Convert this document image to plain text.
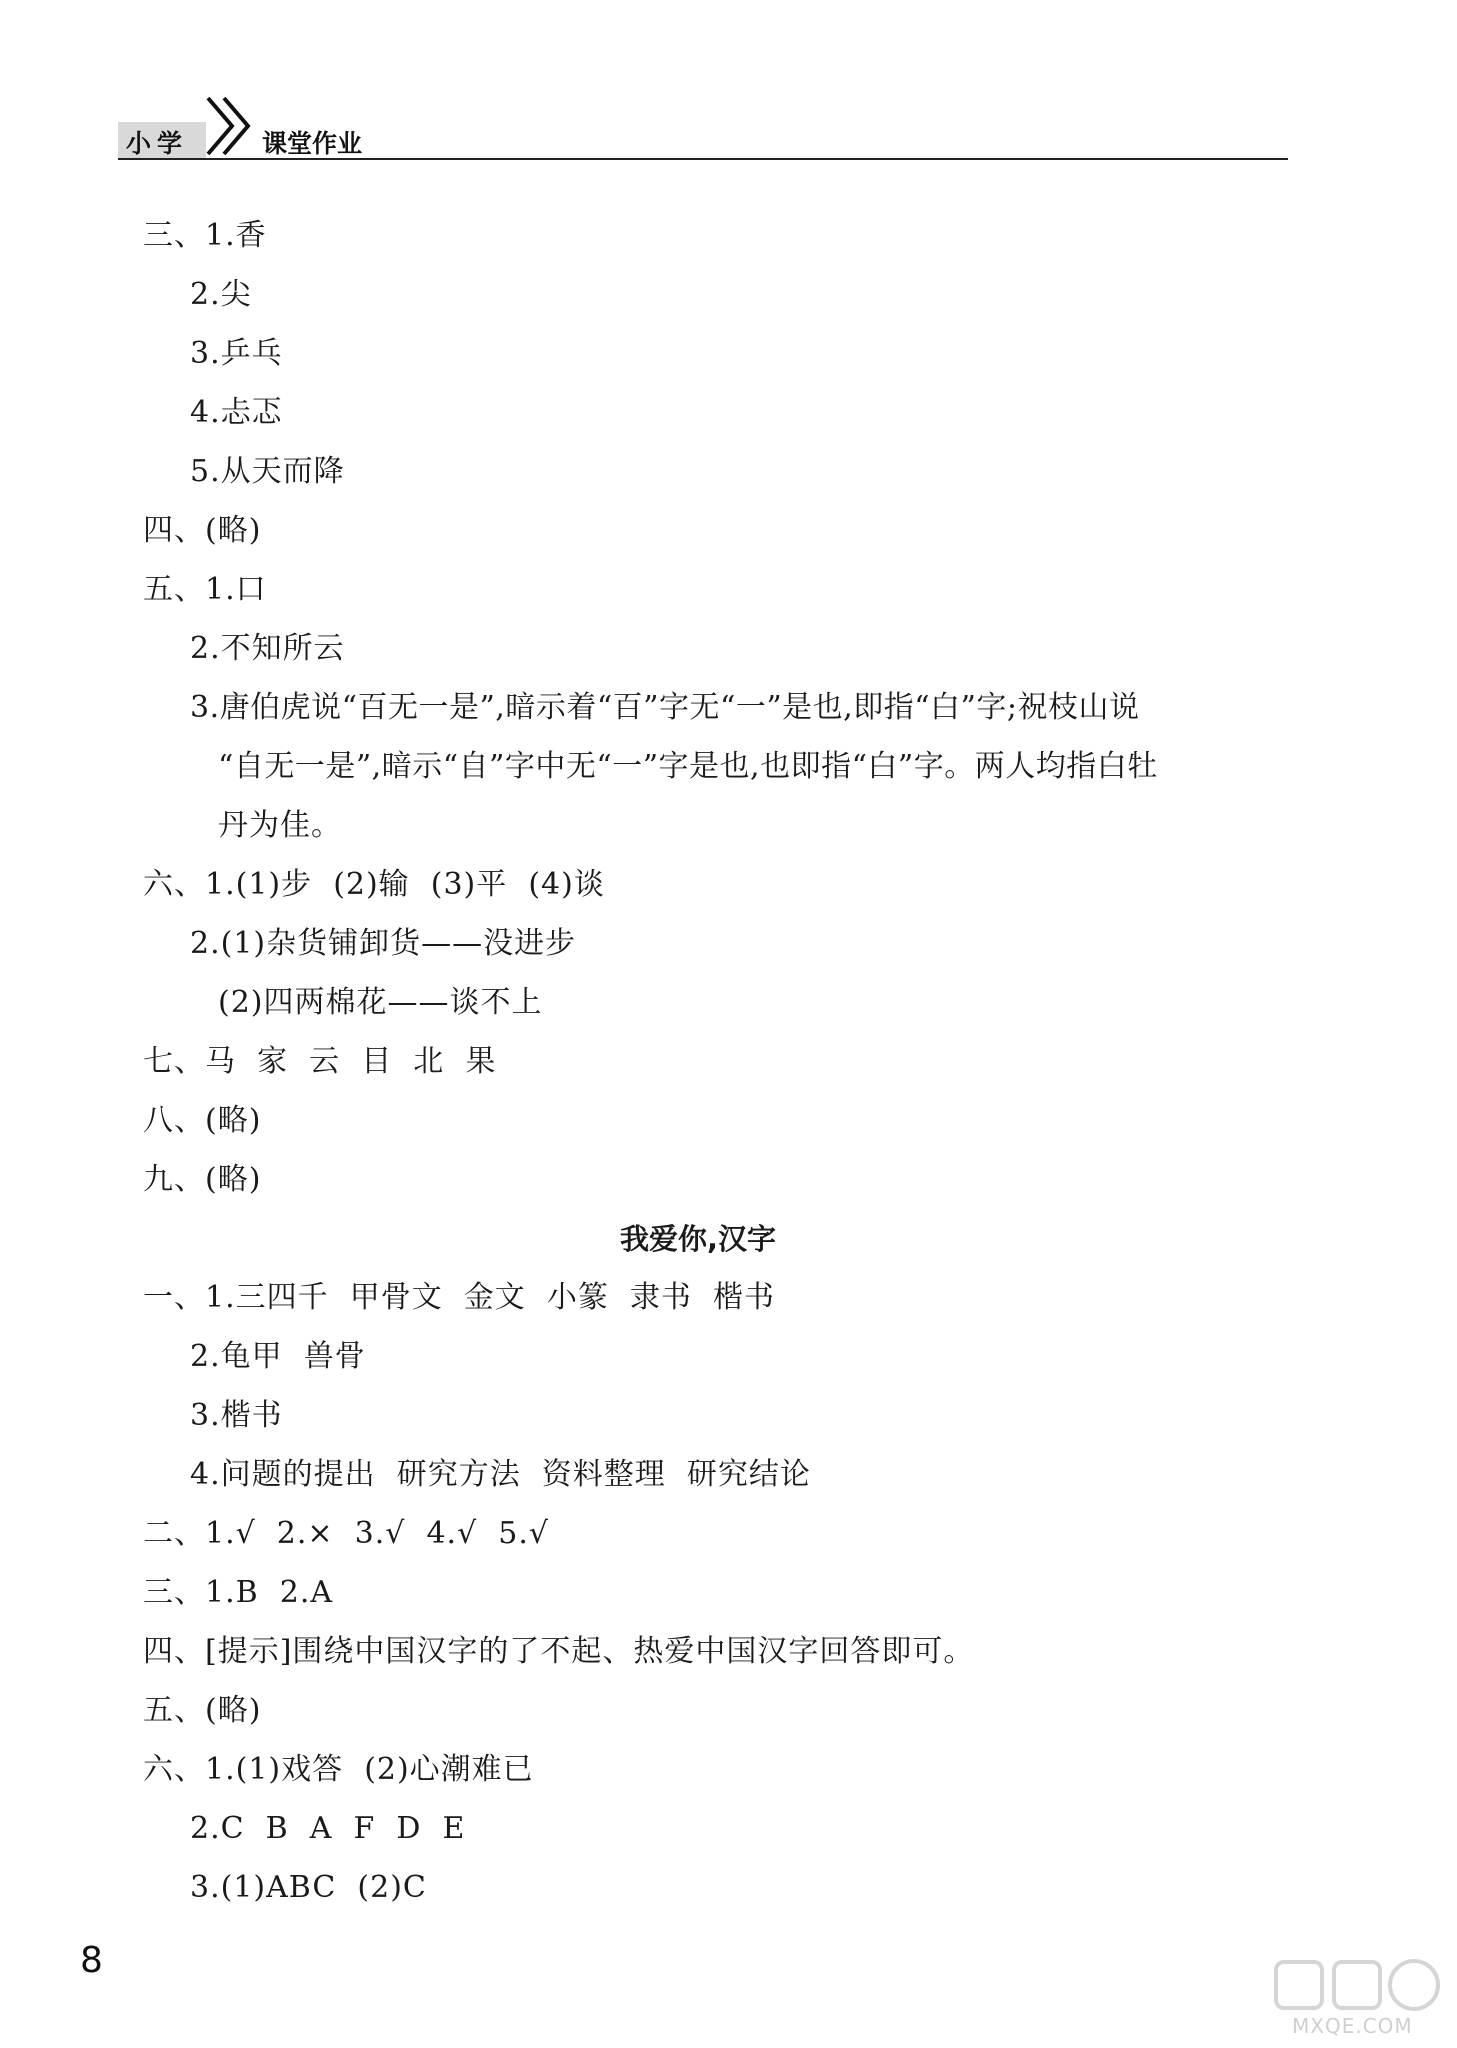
小学	课堂作业
三、1.香
2.尖
3.乒乓
4.忐忑
5.从天而降
四、(略)
五、1.口
2.不知所云
3.唐伯虎说“百无一是”,暗示着“百”字无“一”是也,即指“白”字;祝枝山说
“自无一是”,暗示“自”字中无“一”字是也,也即指“白”字。两人均指白牡
丹为佳。
六、1.(1)步  (2)输  (3)平  (4)谈
2.(1)杂货铺卸货——没进步
(2)四两棉花——谈不上
七、马  家  云  目  北  果
八、(略)
九、(略)
我爱你,汉字
一、1.三四千  甲骨文  金文  小篆  隶书  楷书
2.龟甲  兽骨
3.楷书
4.问题的提出  研究方法  资料整理  研究结论
二、1.√  2.×  3.√  4.√  5.√
三、1.B  2.A
四、[提示]围绕中国汉字的了不起、热爱中国汉字回答即可。
五、(略)
六、1.(1)戏答  (2)心潮难已
2.C  B  A  F  D  E
3.(1)ABC  (2)C
8
MXQE.COM
